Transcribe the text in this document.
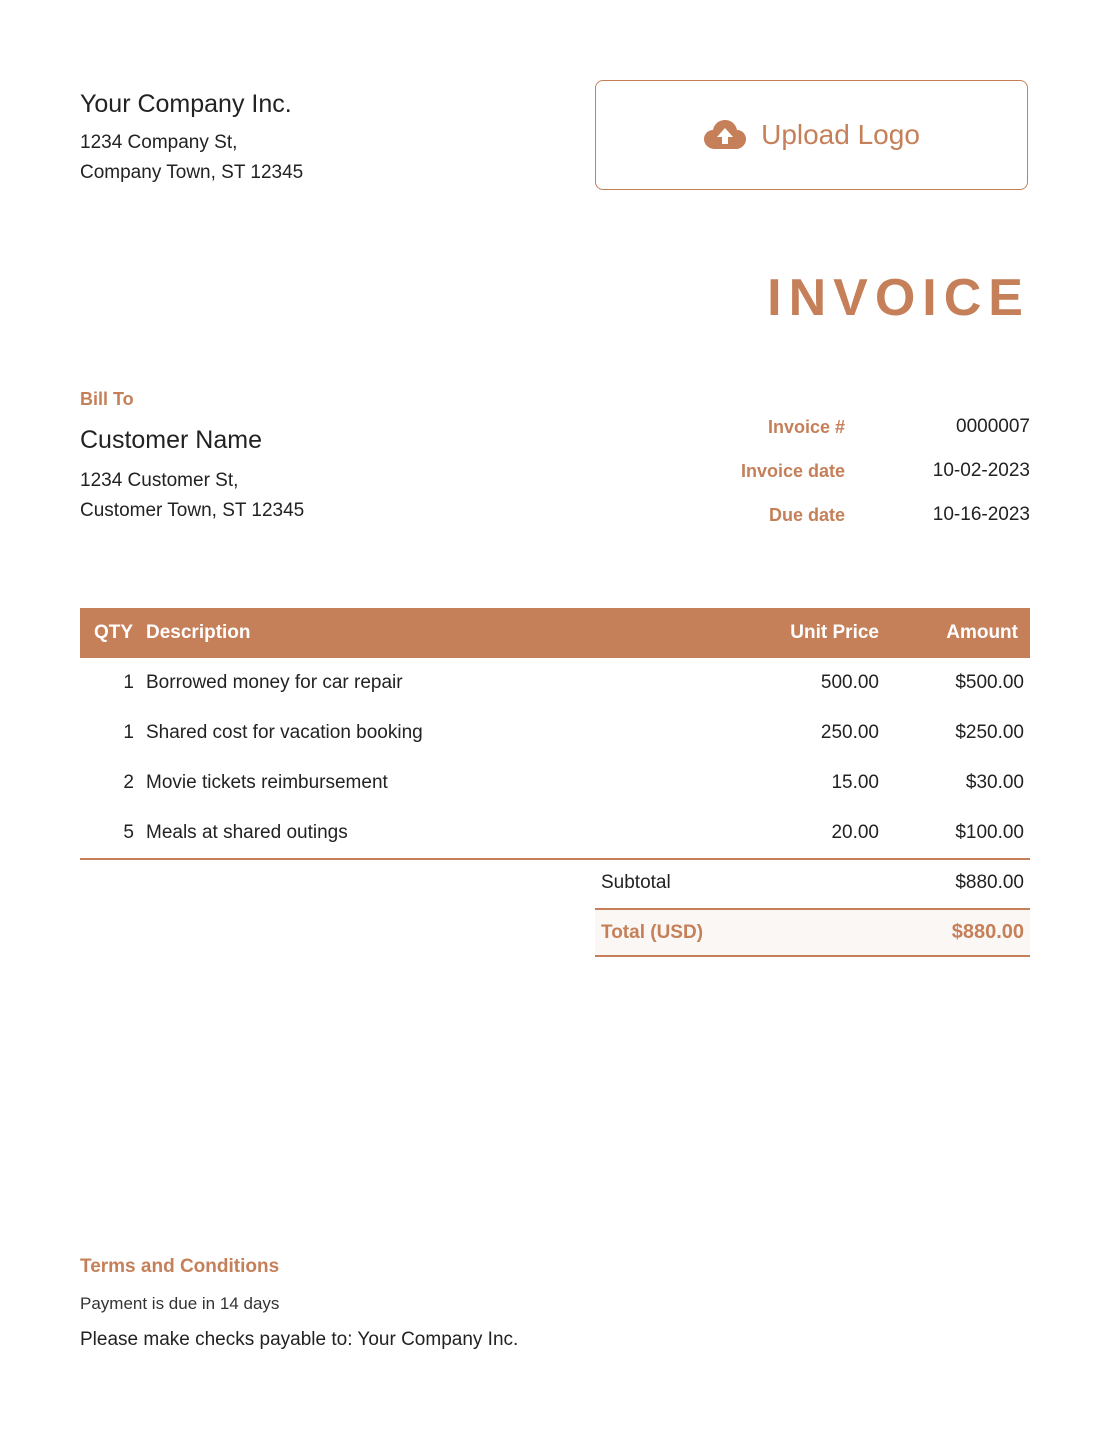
Your Company Inc.
1234 Company St,
Company Town, ST 12345
Upload Logo
INVOICE
Bill To
Customer Name
1234 Customer St,
Customer Town, ST 12345
Invoice #	0000007
Invoice date	10-02-2023
Due date	10-16-2023
QTY Description	Unit Price	Amount
1 Borrowed money for car repair	500.00	$500.00
1 Shared cost for vacation booking	250.00	$250.00
2 Movie tickets reimbursement	15.00	$30.00
5 Meals at shared outings	20.00	$100.00
Subtotal	$880.00
Total (USD)	$880.00
Terms and Conditions
Payment is due in 14 days
Please make checks payable to: Your Company Inc.
